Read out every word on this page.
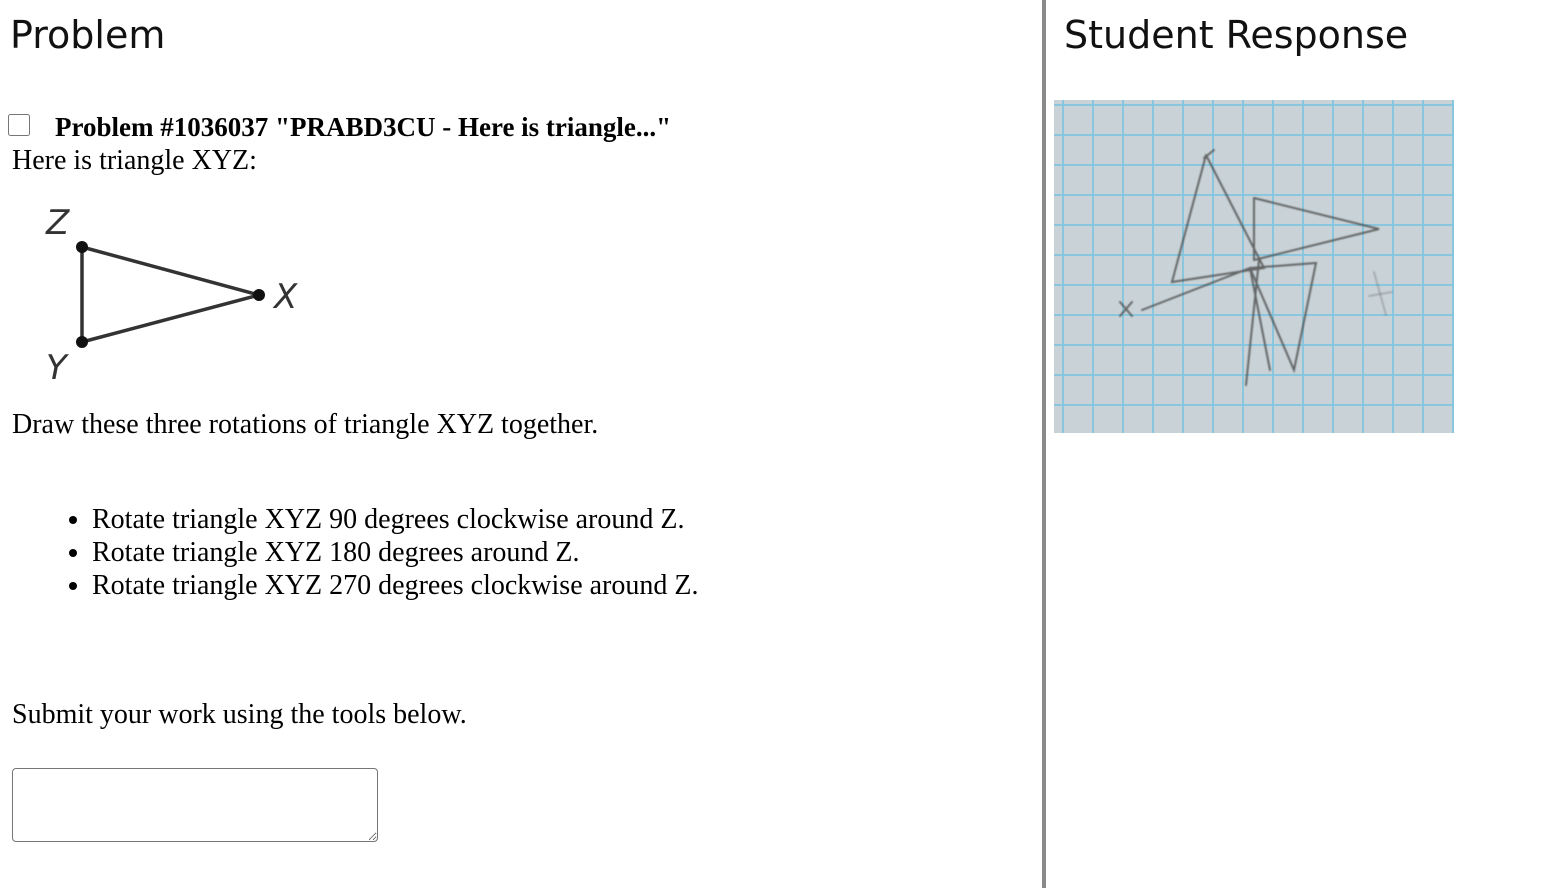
Problem
Problem #1036037 "PRABD3CU - Here is triangle..."

Here is triangle XYZ:

Z
X
Y

Draw these three rotations of triangle XYZ together.

• Rotate triangle XYZ 90 degrees clockwise around Z.
• Rotate triangle XYZ 180 degrees around Z.
• Rotate triangle XYZ 270 degrees clockwise around Z.

Submit your work using the tools below.

Student Response
